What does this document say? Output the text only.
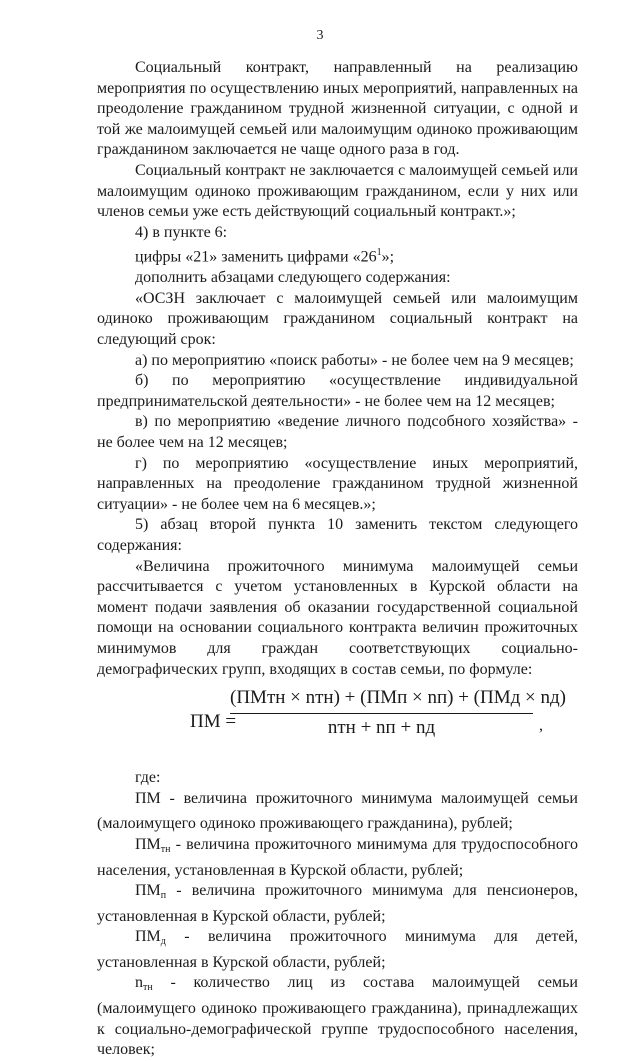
3

Социальный контракт, направленный на реализацию мероприятия по осуществлению иных мероприятий, направленных на преодоление гражданином трудной жизненной ситуации, с одной и той же малоимущей семьей или малоимущим одиноко проживающим гражданином заключается не чаще одного раза в год.

Социальный контракт не заключается с малоимущей семьей или малоимущим одиноко проживающим гражданином, если у них или членов семьи уже есть действующий социальный контракт.»;

4) в пункте 6:

цифры «21» заменить цифрами «$26^1$»;

дополнить абзацами следующего содержания:

«ОСЗН заключает с малоимущей семьей или малоимущим одиноко проживающим гражданином социальный контракт на следующий срок:

а) по мероприятию «поиск работы» - не более чем на 9 месяцев;

б) по мероприятию «осуществление индивидуальной предпринимательской деятельности» - не более чем на 12 месяцев;

в) по мероприятию «ведение личного подсобного хозяйства» - не более чем на 12 месяцев;

г) по мероприятию «осуществление иных мероприятий, направленных на преодоление гражданином трудной жизненной ситуации» - не более чем на 6 месяцев.»;

5) абзац второй пункта 10 заменить текстом следующего содержания:

«Величина прожиточного минимума малоимущей семьи рассчитывается с учетом установленных в Курской области на момент подачи заявления об оказании государственной социальной помощи на основании социального контракта величин прожиточных минимумов для граждан соответствующих социально-демографических групп, входящих в состав семьи, по формуле:

ПМ =
(ПМтн × nтн) + (ПМп × nп) + (ПМд × nд)
nтн + nп + nд	,

где:

ПМ - величина прожиточного минимума малоимущей семьи (малоимущего одиноко проживающего гражданина), рублей;

$ПМ_{тн}$ - величина прожиточного минимума для трудоспособного населения, установленная в Курской области, рублей;

$ПМ_п$ - величина прожиточного минимума для пенсионеров, установленная в Курской области, рублей;

$ПМ_д$ - величина прожиточного минимума для детей, установленная в Курской области, рублей;

$n_{тн}$ - количество лиц из состава малоимущей семьи (малоимущего одиноко проживающего гражданина), принадлежащих к социально-демографической группе трудоспособного населения, человек;
